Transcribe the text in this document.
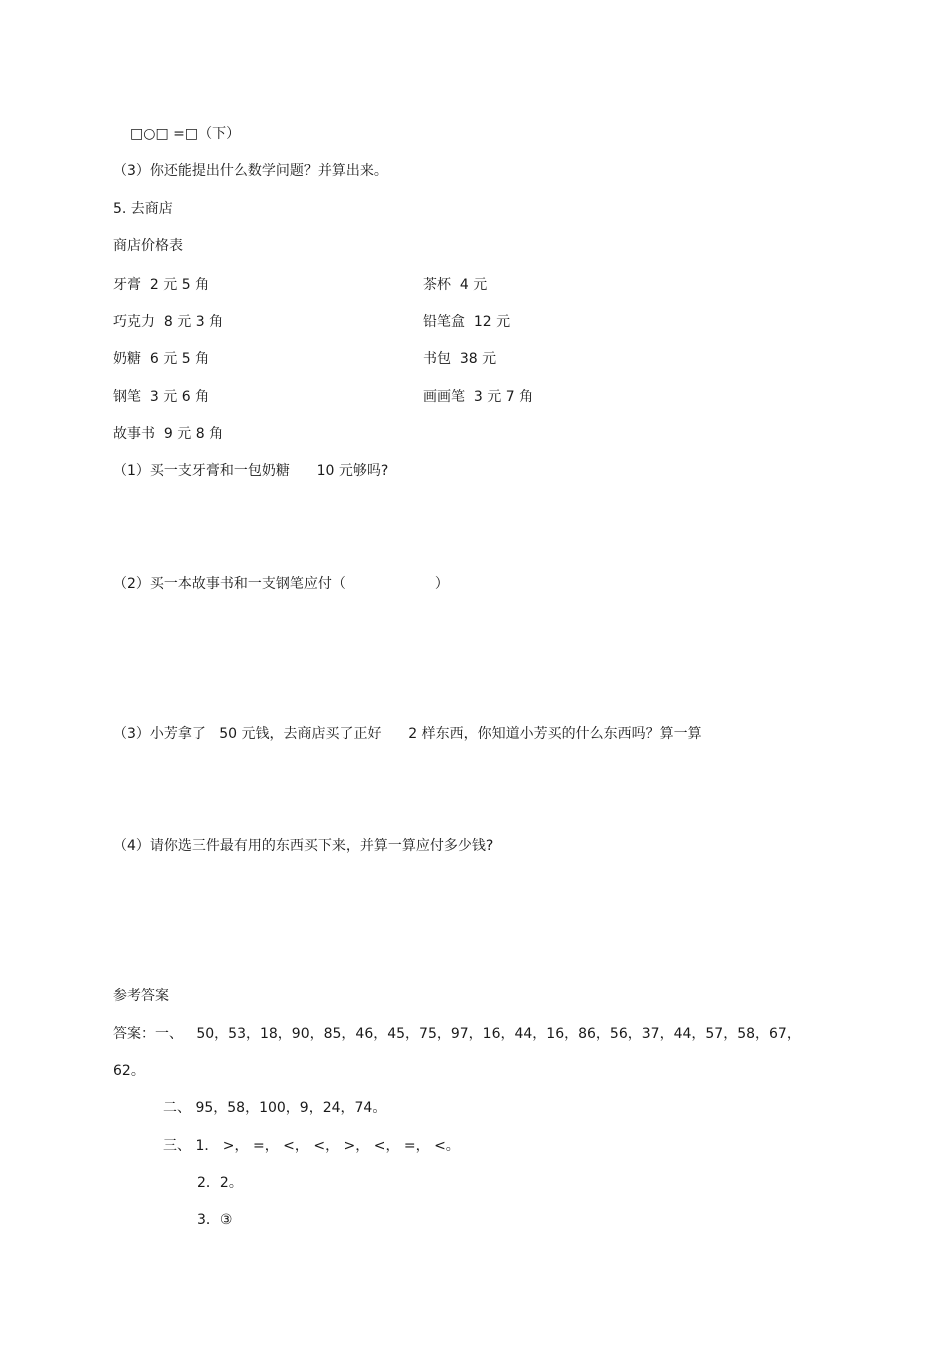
□○□ =□（下）
（3）你还能提出什么数学问题？并算出来。
5. 去商店
商店价格表
牙膏  2 元 5 角
巧克力  8 元 3 角
奶糖  6 元 5 角
钢笔  3 元 6 角
故事书  9 元 8 角
茶杯  4 元
铅笔盒  12 元
书包  38 元
画画笔  3 元 7 角
（1）买一支牙膏和一包奶糖      10 元够吗?
（2）买一本故事书和一支钢笔应付（                    ）
（3）小芳拿了   50 元钱，去商店买了正好      2 样东西，你知道小芳买的什么东西吗？算一算
（4）请你选三件最有用的东西买下来，并算一算应付多少钱?
参考答案
答案：一、   50，53，18，90，85，46，45，75，97，16，44，16，86，56，37，44，57，58，67，
62。
二、 95，58，100，9，24，74。
三、 1． >， =， <， <， >， <， =， <。
2．2。
3．③
